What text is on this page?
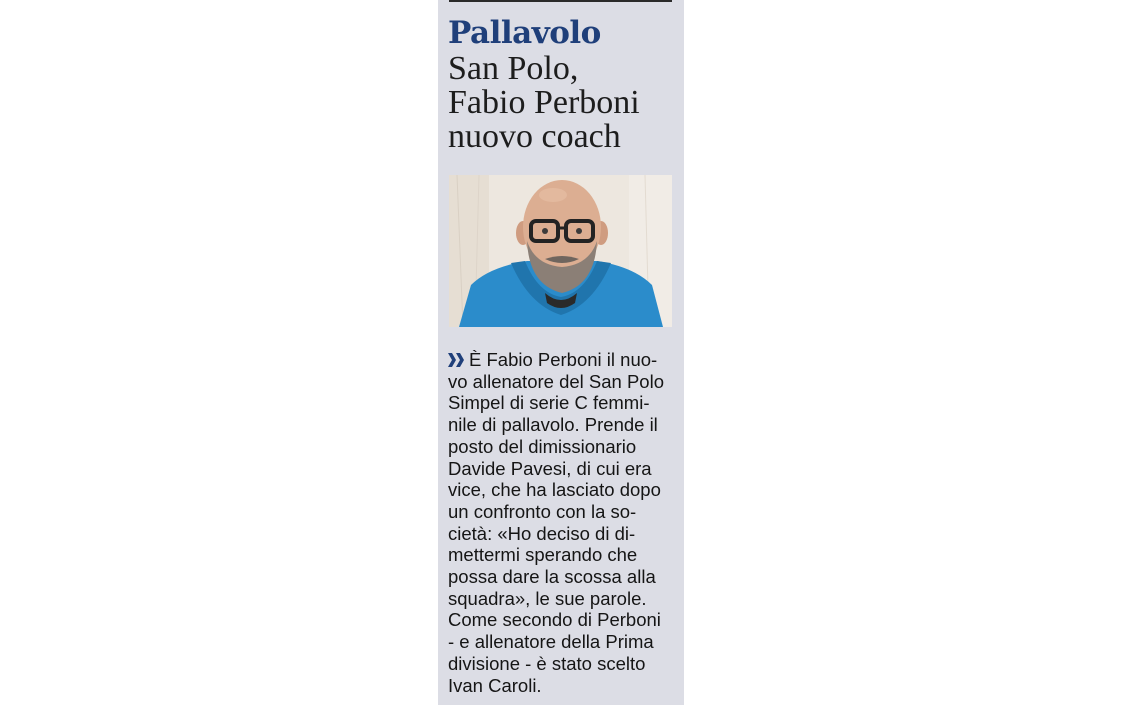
Pallavolo
San Polo,
Fabio Perboni
nuovo coach
È Fabio Perboni il nuo-
vo allenatore del San Polo
Simpel di serie C femmi-
nile di pallavolo. Prende il
posto del dimissionario
Davide Pavesi, di cui era
vice, che ha lasciato dopo
un confronto con la so-
cietà: «Ho deciso di di-
mettermi sperando che
possa dare la scossa alla
squadra», le sue parole.
Come secondo di Perboni
- e allenatore della Prima
divisione - è stato scelto
Ivan Caroli.
